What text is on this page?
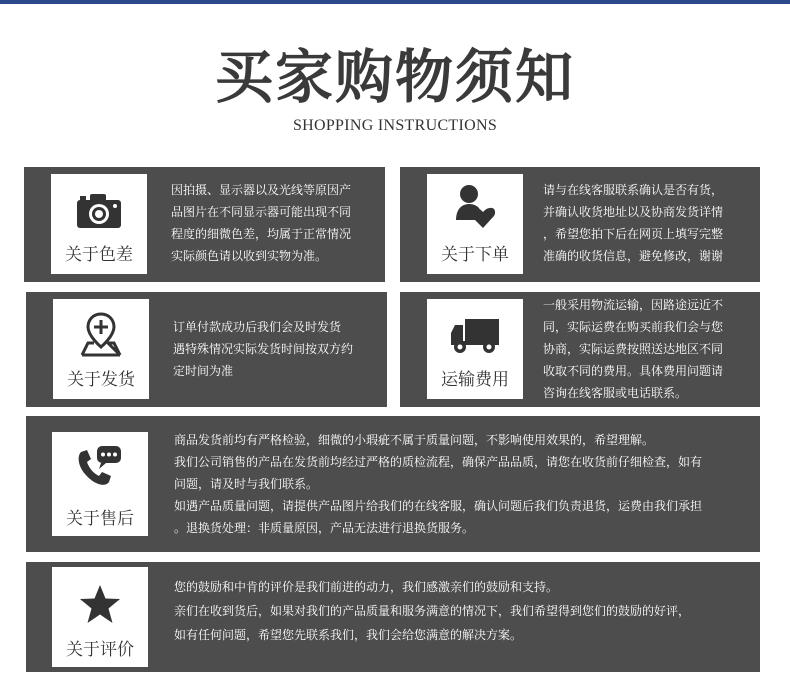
买家购物须知
SHOPPING INSTRUCTIONS
关于色差

因拍摄、显示器以及光线等原因产

品图片在不同显示器可能出现不同

程度的细微色差，均属于正常情况

实际颜色请以收到实物为准。	关于下单

请与在线客服联系确认是否有货，

并确认收货地址以及协商发货详情

，希望您拍下后在网页上填写完整

准确的收货信息，避免修改，谢谢

关于发货

订单付款成功后我们会及时发货

遇特殊情况实际发货时间按双方约

定时间为准	运输费用

一般采用物流运输，因路途远近不

同，实际运费在购买前我们会与您

协商，实际运费按照送达地区不同

收取不同的费用。具体费用问题请

咨询在线客服或电话联系。

关于售后

商品发货前均有严格检验，细微的小瑕疵不属于质量问题，不影响使用效果的，希望理解。

我们公司销售的产品在发货前均经过严格的质检流程，确保产品品质，请您在收货前仔细检查，如有

问题，请及时与我们联系。

如遇产品质量问题，请提供产品图片给我们的在线客服，确认问题后我们负责退货，运费由我们承担

。退换货处理：非质量原因，产品无法进行退换货服务。

关于评价

您的鼓励和中肯的评价是我们前进的动力，我们感激亲们的鼓励和支持。

亲们在收到货后，如果对我们的产品质量和服务满意的情况下，我们希望得到您们的鼓励的好评，

如有任何问题，希望您先联系我们，我们会给您满意的解决方案。
